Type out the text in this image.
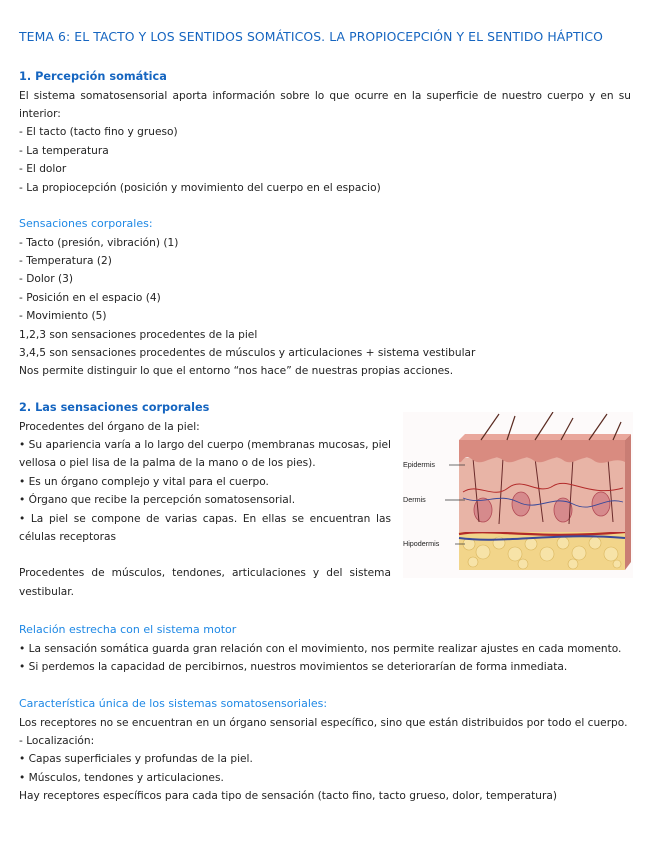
TEMA 6: EL TACTO Y LOS SENTIDOS SOMÁTICOS. LA PROPIOCEPCIÓN Y EL SENTIDO HÁPTICO

1. Percepción somática

El sistema somatosensorial aporta información sobre lo que ocurre en la superficie de nuestro cuerpo y en su interior:

- El tacto (tacto fino y grueso)

- La temperatura

- El dolor

- La propiocepción (posición y movimiento del cuerpo en el espacio)

Sensaciones corporales:

- Tacto (presión, vibración) (1)

- Temperatura (2)

- Dolor (3)

- Posición en el espacio (4)

- Movimiento (5)

1,2,3 son sensaciones procedentes de la piel

3,4,5 son sensaciones procedentes de músculos y articulaciones + sistema vestibular

Nos permite distinguir lo que el entorno “nos hace” de nuestras propias acciones.

2. Las sensaciones corporales

Procedentes del órgano de la piel:

• Su apariencia varía a lo largo del cuerpo (membranas mucosas, piel vellosa o piel lisa de la palma de la mano o de los pies).

• Es un órgano complejo y vital para el cuerpo.

• Órgano que recibe la percepción somatosensorial.

• La piel se compone de varias capas. En ellas se encuentran las células receptoras

Procedentes de músculos, tendones, articulaciones y del sistema vestibular.

Epidermis
Dermis
Hipodermis

Relación estrecha con el sistema motor

• La sensación somática guarda gran relación con el movimiento, nos permite realizar ajustes en cada momento.

• Si perdemos la capacidad de percibirnos, nuestros movimientos se deteriorarían de forma inmediata.

Característica única de los sistemas somatosensoriales:

Los receptores no se encuentran en un órgano sensorial específico, sino que están distribuidos por todo el cuerpo.

- Localización:

• Capas superficiales y profundas de la piel.

• Músculos, tendones y articulaciones.

Hay receptores específicos para cada tipo de sensación (tacto fino, tacto grueso, dolor, temperatura)
